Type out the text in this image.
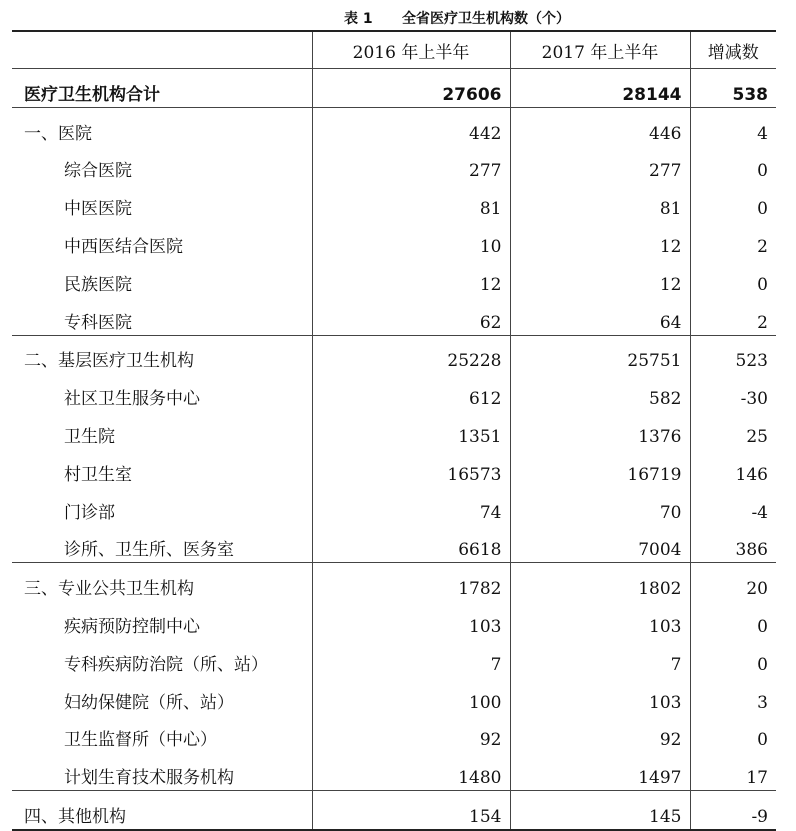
表 1 全省医疗卫生机构数（个）
	2016 年上半年	2017 年上半年	增减数
医疗卫生机构合计	27606	28144	538
一、医院	442	446	4
综合医院	277	277	0
中医医院	81	81	0
中西医结合医院	10	12	2
民族医院	12	12	0
专科医院	62	64	2
二、基层医疗卫生机构	25228	25751	523
社区卫生服务中心	612	582	-30
卫生院	1351	1376	25
村卫生室	16573	16719	146
门诊部	74	70	-4
诊所、卫生所、医务室	6618	7004	386
三、专业公共卫生机构	1782	1802	20
疾病预防控制中心	103	103	0
专科疾病防治院（所、站）	7	7	0
妇幼保健院（所、站）	100	103	3
卫生监督所（中心）	92	92	0
计划生育技术服务机构	1480	1497	17
四、其他机构	154	145	-9
